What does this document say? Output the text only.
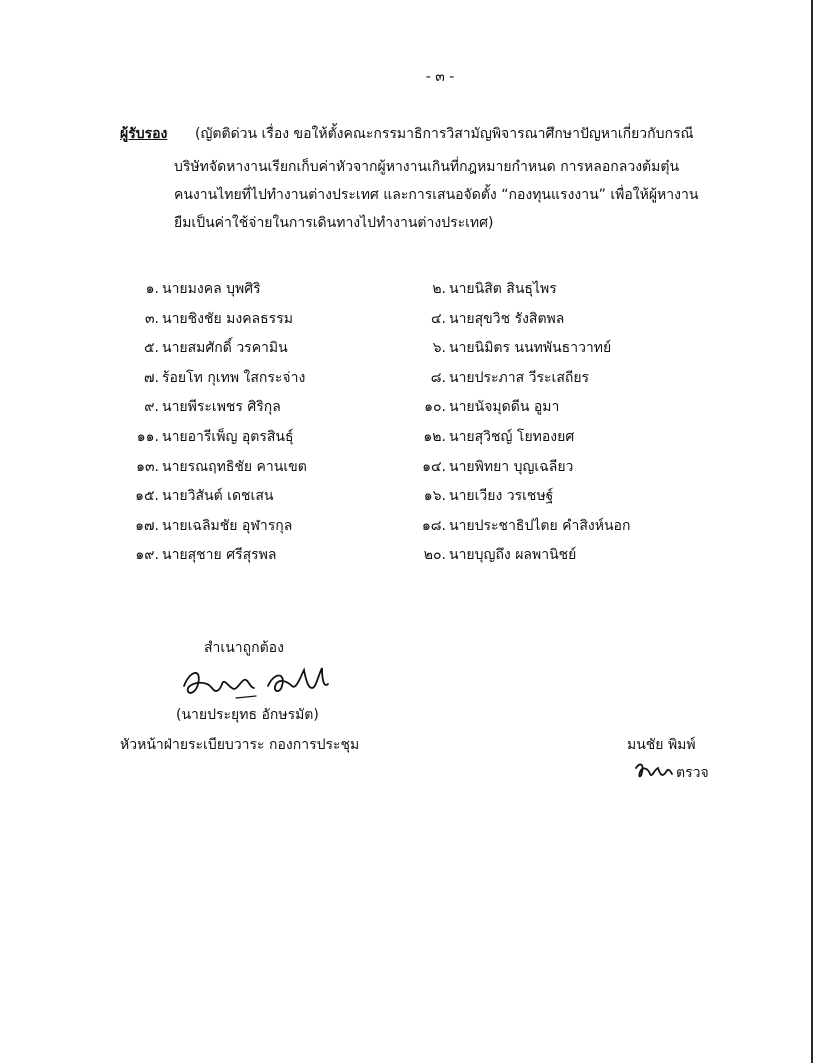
- ๓ -
ผู้รับรอง (ญัตติด่วน เรื่อง ขอให้ตั้งคณะกรรมาธิการวิสามัญพิจารณาศึกษาปัญหาเกี่ยวกับกรณี
บริษัทจัดหางานเรียกเก็บค่าหัวจากผู้หางานเกินที่กฎหมายกำหนด การหลอกลวงต้มตุ๋น
คนงานไทยที่ไปทำงานต่างประเทศ และการเสนอจัดตั้ง “กองทุนแรงงาน” เพื่อให้ผู้หางาน
ยืมเป็นค่าใช้จ่ายในการเดินทางไปทำงานต่างประเทศ)
๑. นายมงคล บุพศิริ	๒. นายนิสิต สินธุไพร
๓. นายชิงชัย มงคลธรรม	๔. นายสุขวิช รังสิตพล
๕. นายสมศักดิ์ วรคามิน	๖. นายนิมิตร นนทพันธาวาทย์
๗. ร้อยโท กุเทพ ใสกระจ่าง	๘. นายประภาส วีระเสถียร
๙. นายพีระเพชร ศิริกุล	๑๐. นายนัจมุดดีน อูมา
๑๑. นายอารีเพ็ญ อุตรสินธุ์	๑๒. นายสุวิชญ์ โยทองยศ
๑๓. นายรณฤทธิชัย คานเขต	๑๔. นายพิทยา บุญเฉลียว
๑๕. นายวิสันต์ เดชเสน	๑๖. นายเวียง วรเชษฐ์
๑๗. นายเฉลิมชัย อุฬารกุล	๑๘. นายประชาธิปไตย คำสิงห์นอก
๑๙. นายสุชาย ศรีสุรพล	๒๐. นายบุญถึง ผลพานิชย์
สำเนาถูกต้อง
(นายประยุทธ อักษรมัต)
หัวหน้าฝ่ายระเบียบวาระ กองการประชุม	มนชัย พิมพ์
ตรวจ
